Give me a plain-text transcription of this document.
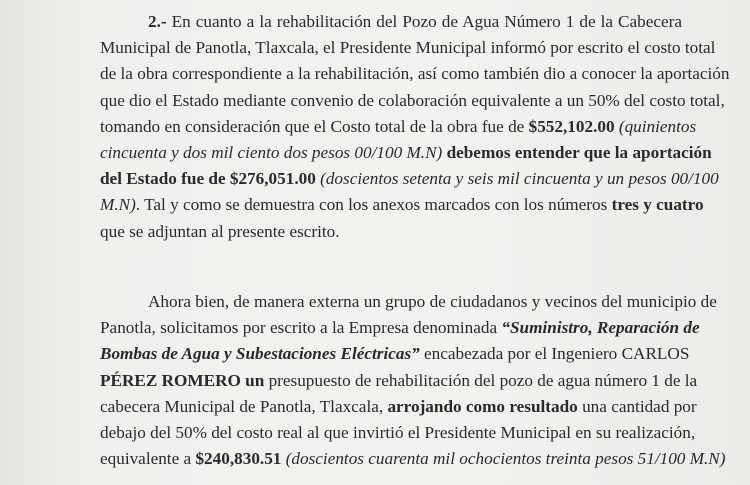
2.- En cuanto a la rehabilitación del Pozo de Agua Número 1 de la Cabecera
Municipal de Panotla, Tlaxcala, el Presidente Municipal informó por escrito el costo total
de la obra correspondiente a la rehabilitación, así como también dio a conocer la aportación
que dio el Estado mediante convenio de colaboración equivalente a un 50% del costo total,
tomando en consideración que el Costo total de la obra fue de $552,102.00 (quinientos
cincuenta y dos mil ciento dos pesos 00/100 M.N) debemos entender que la aportación
del Estado fue de $276,051.00 (doscientos setenta y seis mil cincuenta y un pesos 00/100
M.N). Tal y como se demuestra con los anexos marcados con los números tres y cuatro
que se adjuntan al presente escrito.
Ahora bien, de manera externa un grupo de ciudadanos y vecinos del municipio de
Panotla, solicitamos por escrito a la Empresa denominada “Suministro, Reparación de
Bombas de Agua y Subestaciones Eléctricas” encabezada por el Ingeniero CARLOS
PÉREZ ROMERO un presupuesto de rehabilitación del pozo de agua número 1 de la
cabecera Municipal de Panotla, Tlaxcala, arrojando como resultado una cantidad por
debajo del 50% del costo real al que invirtió el Presidente Municipal en su realización,
equivalente a $240,830.51 (doscientos cuarenta mil ochocientos treinta pesos 51/100 M.N)
